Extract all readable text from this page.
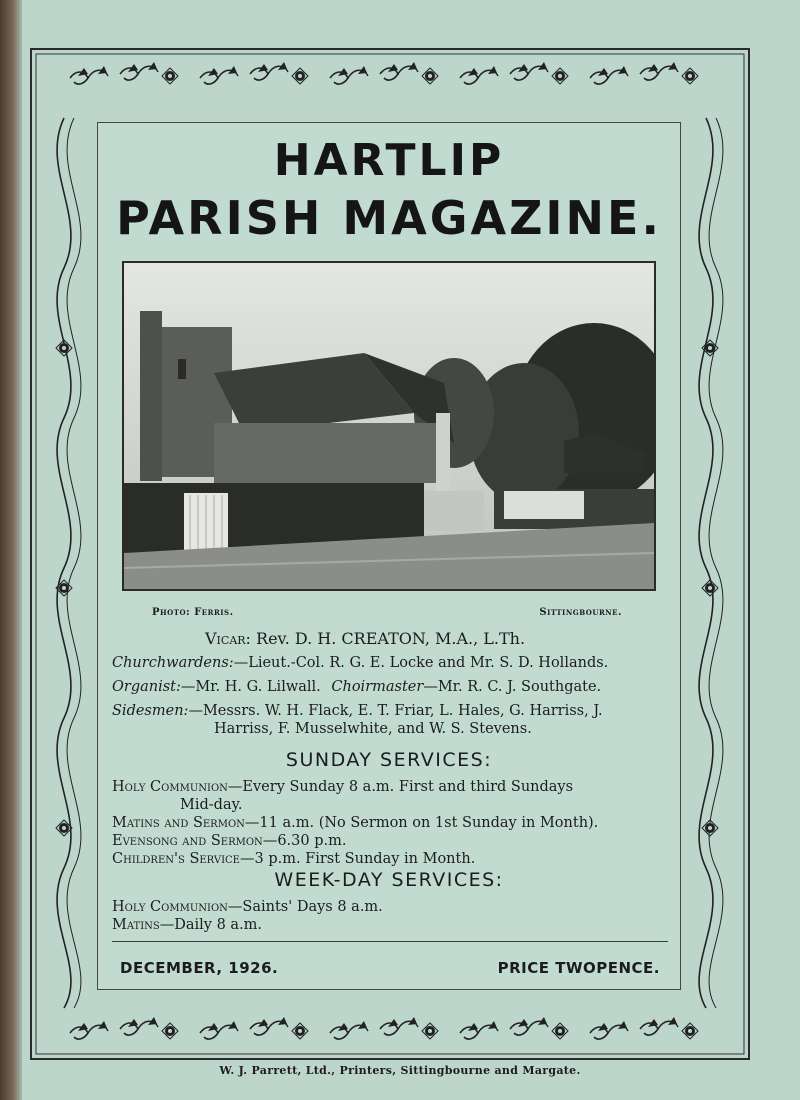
HARTLIP
PARISH MAGAZINE.
Photo: Ferris.	Sittingbourne.
Vicar: Rev. D. H. CREATON, M.A., L.Th.
Churchwardens:—Lieut.-Col. R. G. E. Locke and Mr. S. D. Hollands.
Organist:—Mr. H. G. Lilwall. Choirmaster—Mr. R. C. J. Southgate.
Sidesmen:—Messrs. W. H. Flack, E. T. Friar, L. Hales, G. Harriss, J.
Harriss, F. Musselwhite, and W. S. Stevens.
SUNDAY SERVICES:
Holy Communion—Every Sunday 8 a.m. First and third Sundays
Mid-day.
Matins and Sermon—11 a.m. (No Sermon on 1st Sunday in Month).
Evensong and Sermon—6.30 p.m.
Children's Service—3 p.m. First Sunday in Month.
WEEK-DAY SERVICES:
Holy Communion—Saints' Days 8 a.m.
Matins—Daily 8 a.m.
DECEMBER, 1926.	PRICE TWOPENCE.
W. J. Parrett, Ltd., Printers, Sittingbourne and Margate.
